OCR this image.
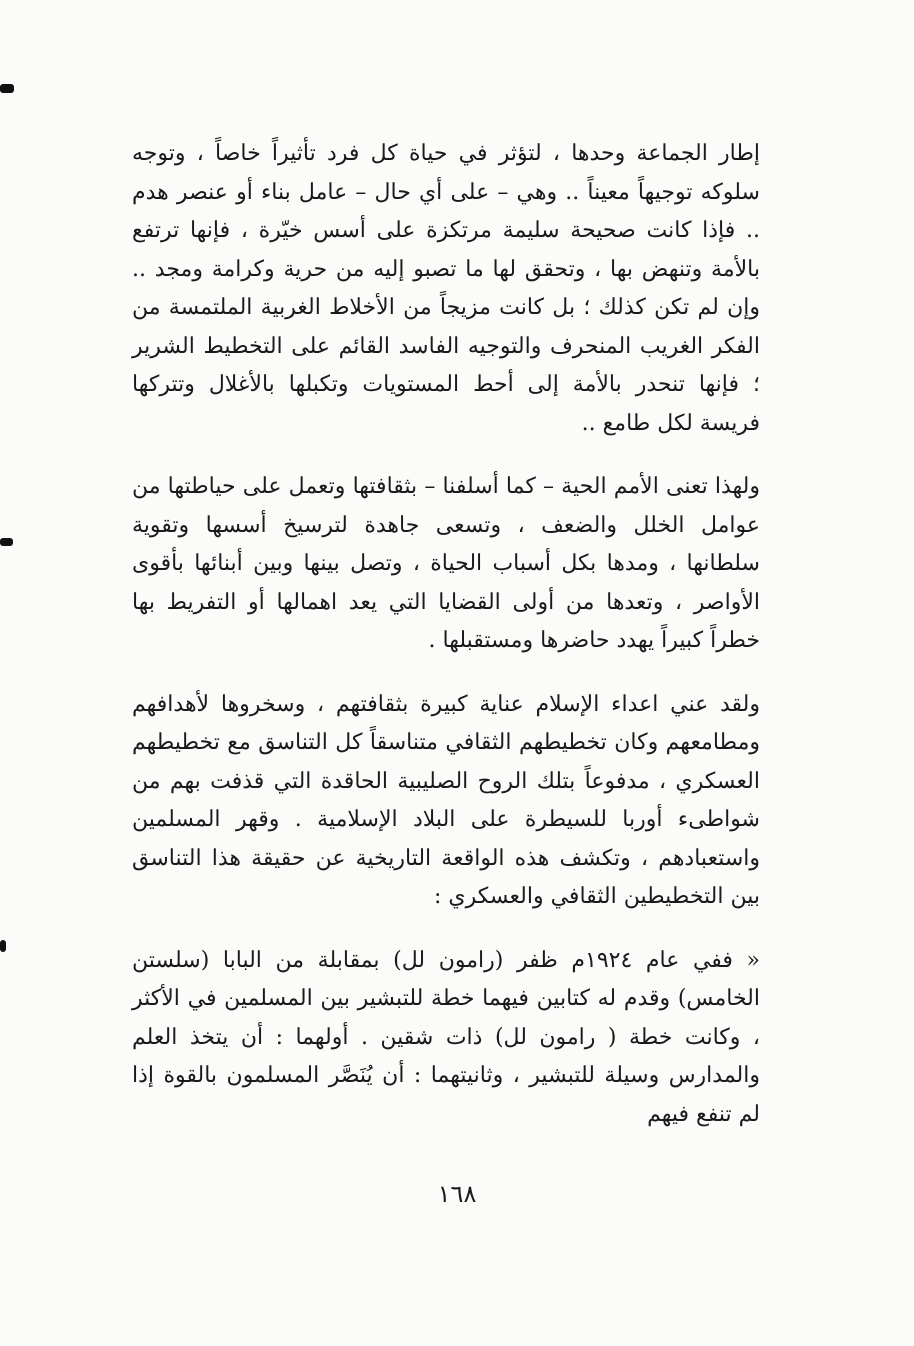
إطار الجماعة وحدها ، لتؤثر في حياة كل فرد تأثيراً خاصاً ، وتوجه سلوكه توجيهاً معيناً .. وهي – على أي حال – عامل بناء أو عنصر هدم .. فإذا كانت صحيحة سليمة مرتكزة على أسس خيّرة ، فإنها ترتفع بالأمة وتنهض بها ، وتحقق لها ما تصبو إليه من حرية وكرامة ومجد .. وإن لم تكن كذلك ؛ بل كانت مزيجاً من الأخلاط الغربية الملتمسة من الفكر الغريب المنحرف والتوجيه الفاسد القائم على التخطيط الشرير ؛ فإنها تنحدر بالأمة إلى أحط المستويات وتكبلها بالأغلال وتتركها فريسة لكل طامع ..

ولهذا تعنى الأمم الحية – كما أسلفنا – بثقافتها وتعمل على حياطتها من عوامل الخلل والضعف ، وتسعى جاهدة لترسيخ أسسها وتقوية سلطانها ، ومدها بكل أسباب الحياة ، وتصل بينها وبين أبنائها بأقوى الأواصر ، وتعدها من أولى القضايا التي يعد اهمالها أو التفريط بها خطراً كبيراً يهدد حاضرها ومستقبلها .

ولقد عني اعداء الإسلام عناية كبيرة بثقافتهم ، وسخروها لأهدافهم ومطامعهم وكان تخطيطهم الثقافي متناسقاً كل التناسق مع تخطيطهم العسكري ، مدفوعاً بتلك الروح الصليبية الحاقدة التي قذفت بهم من شواطىء أوربا للسيطرة على البلاد الإسلامية . وقهر المسلمين واستعبادهم ، وتكشف هذه الواقعة التاريخية عن حقيقة هذا التناسق بين التخطيطين الثقافي والعسكري :

« ففي عام ١٩٢٤م ظفر (رامون لل) بمقابلة من البابا (سلستن الخامس) وقدم له كتابين فيهما خطة للتبشير بين المسلمين في الأكثر ، وكانت خطة ( رامون لل) ذات شقين . أولهما : أن يتخذ العلم والمدارس وسيلة للتبشير ، وثانيتهما : أن يُنَصَّر المسلمون بالقوة إذا لم تنفع فيهم

١٦٨
